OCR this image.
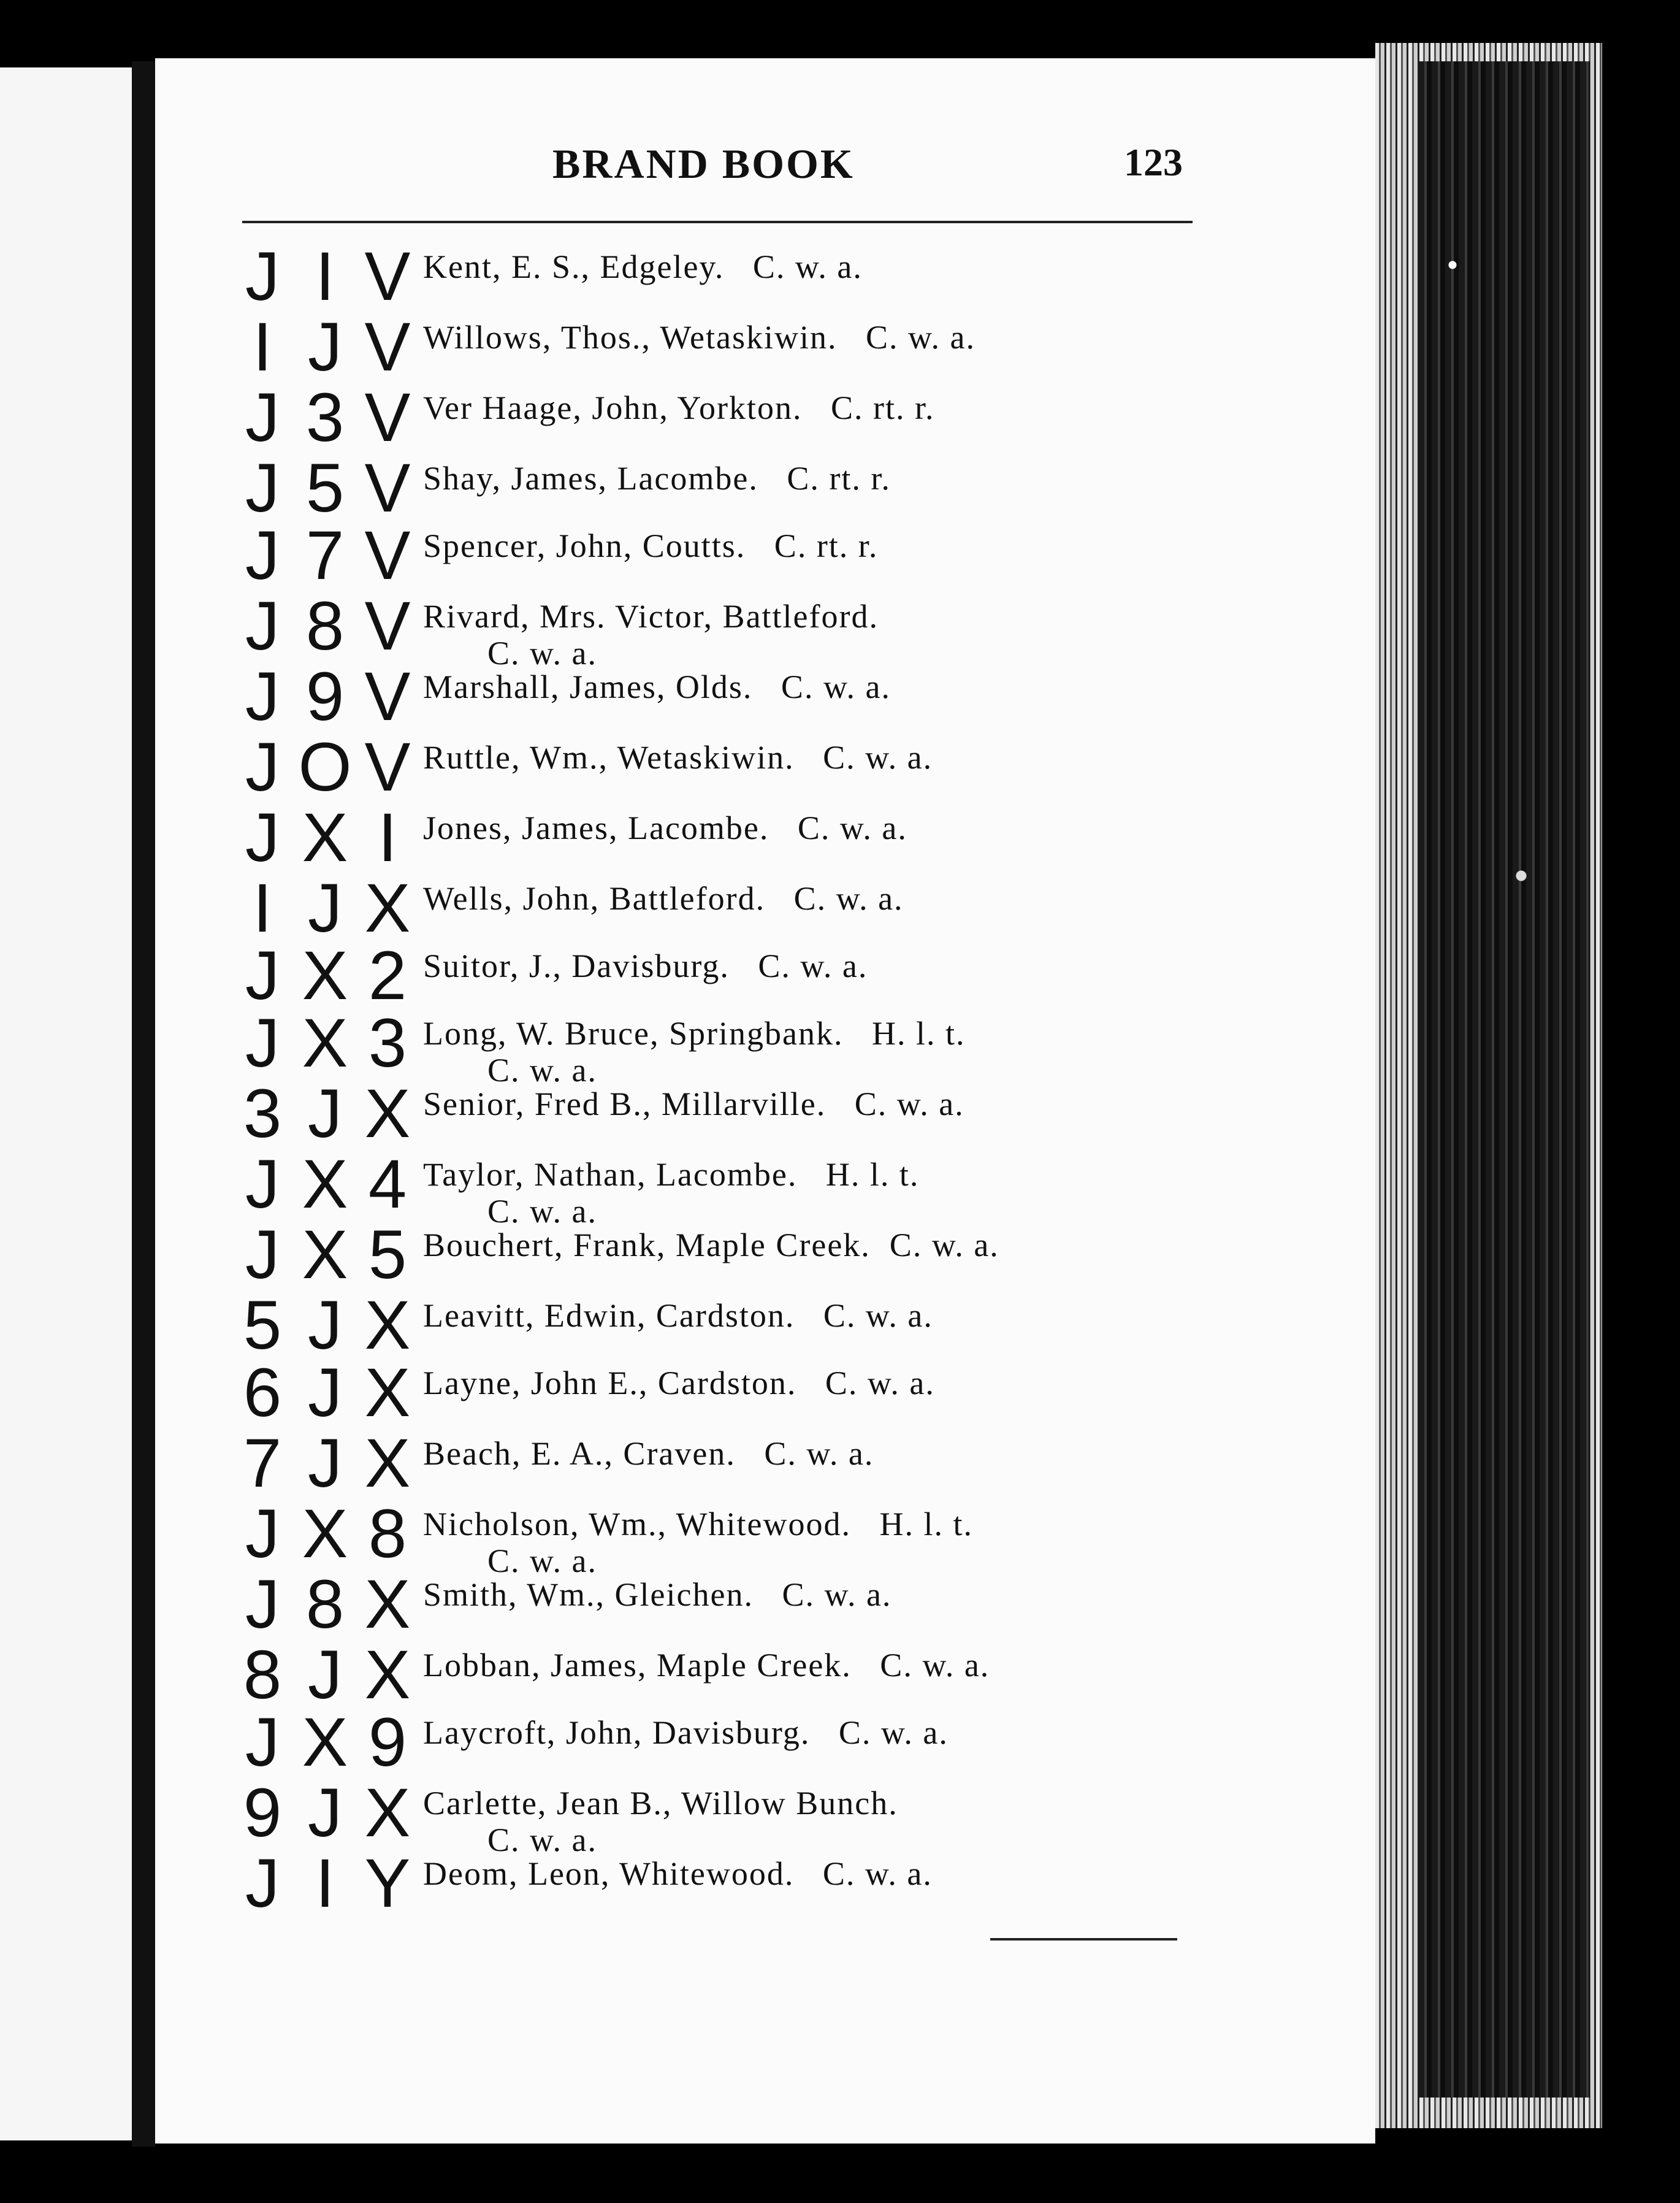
BRAND BOOK	123
J I V Kent, E. S., Edgeley.   C. w. a.
I J V Willows, Thos., Wetaskiwin.   C. w. a.
J 3 V Ver Haage, John, Yorkton.   C. rt. r.
J 5 V Shay, James, Lacombe.   C. rt. r.
J 7 V Spencer, John, Coutts.   C. rt. r.
J 8 V Rivard, Mrs. Victor, Battleford.
C. w. a.
J 9 V Marshall, James, Olds.   C. w. a.
J O V Ruttle, Wm., Wetaskiwin.   C. w. a.
J X I Jones, James, Lacombe.   C. w. a.
I J X Wells, John, Battleford.   C. w. a.
J X 2 Suitor, J., Davisburg.   C. w. a.
J X 3 Long, W. Bruce, Springbank.   H. l. t.
C. w. a.
3 J X Senior, Fred B., Millarville.   C. w. a.
J X 4 Taylor, Nathan, Lacombe.   H. l. t.
C. w. a.
J X 5 Bouchert, Frank, Maple Creek.  C. w. a.
5 J X Leavitt, Edwin, Cardston.   C. w. a.
6 J X Layne, John E., Cardston.   C. w. a.
7 J X Beach, E. A., Craven.   C. w. a.
J X 8 Nicholson, Wm., Whitewood.   H. l. t.
C. w. a.
J 8 X Smith, Wm., Gleichen.   C. w. a.
8 J X Lobban, James, Maple Creek.   C. w. a.
J X 9 Laycroft, John, Davisburg.   C. w. a.
9 J X Carlette, Jean B., Willow Bunch.
C. w. a.
J I Y Deom, Leon, Whitewood.   C. w. a.
